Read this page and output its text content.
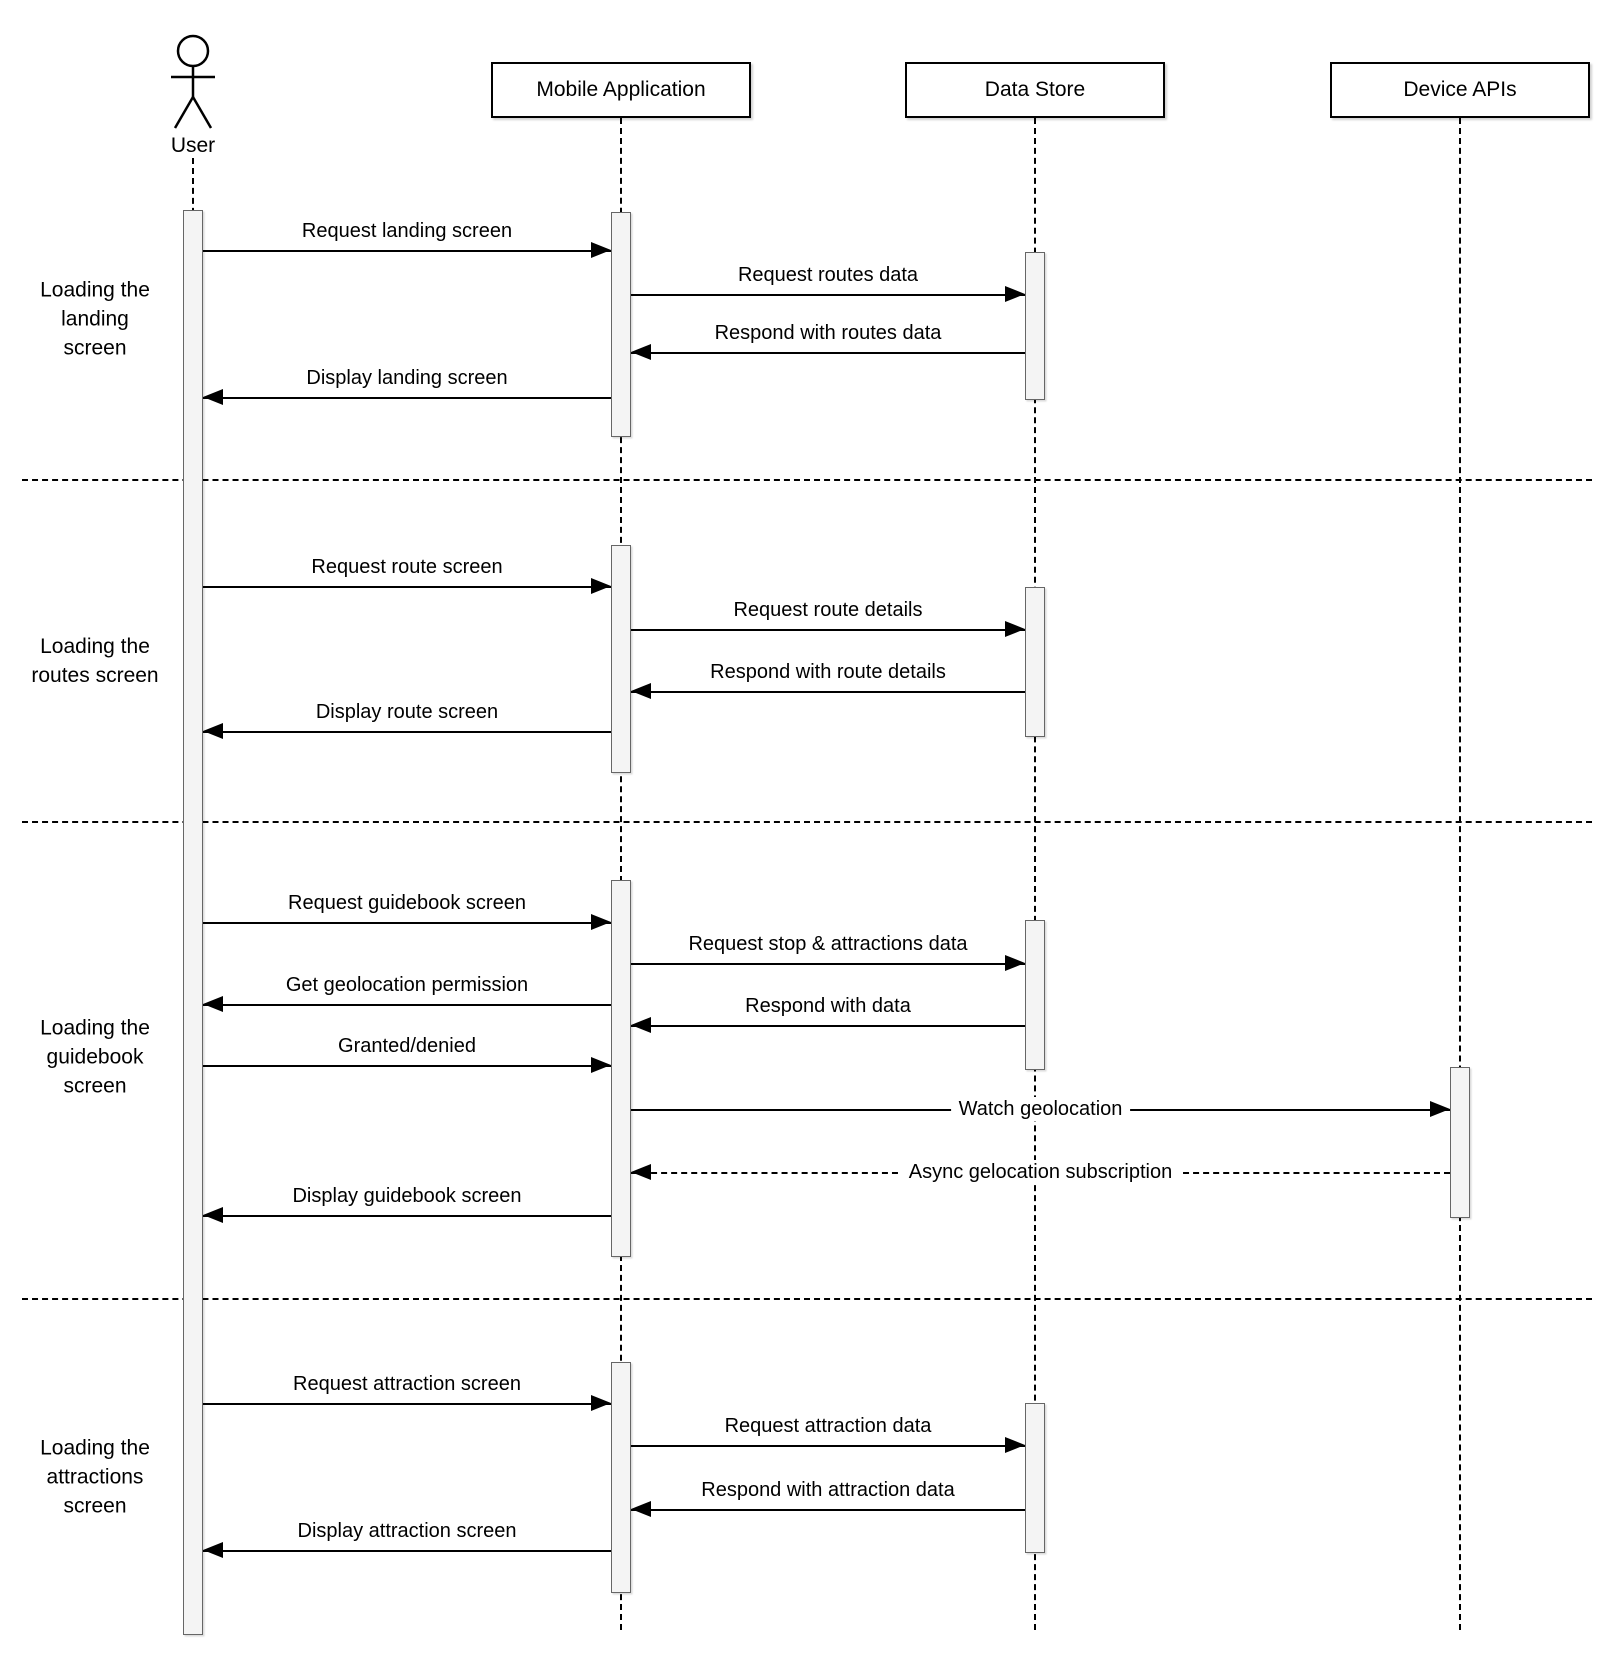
User
Mobile Application	Data Store	Device APIs
Loading the landing screen
Loading the routes screen
Loading the guidebook screen
Loading the attractions screen
Request landing screen
Request routes data
Respond with routes data
Display landing screen
Request route screen
Request route details
Respond with route details
Display route screen
Request guidebook screen
Request stop & attractions data
Get geolocation permission
Respond with data
Granted/denied
Watch geolocation
Async gelocation subscription
Display guidebook screen
Request attraction screen
Request attraction data
Respond with attraction data
Display attraction screen
